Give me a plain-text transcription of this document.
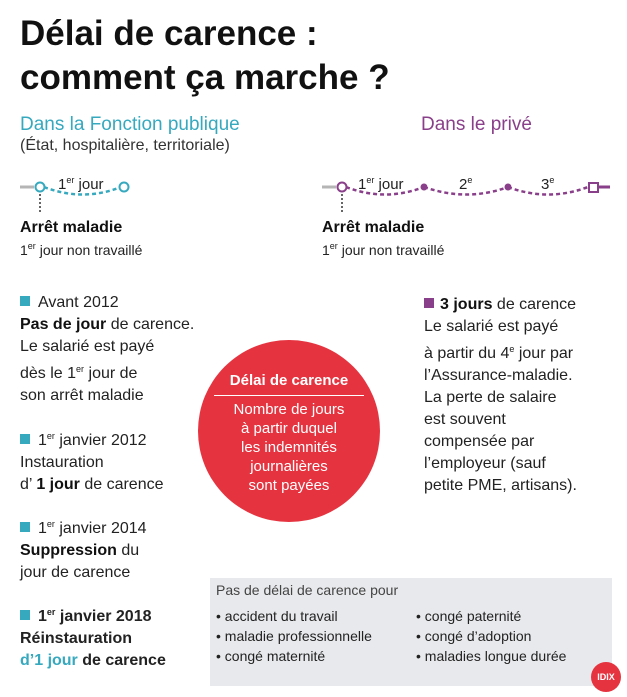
Délai de carence :
comment ça marche ?
Dans la Fonction publique
(État, hospitalière, territoriale)
Dans le privé
1er jour	1er jour	2e	3e
Arrêt maladie
1er jour non travaillé
Arrêt maladie
1er jour non travaillé
Avant 2012
Pas de jour de carence.
Le salarié est payé
dès le 1er jour de
son arrêt maladie
1er janvier 2012
Instauration
d’ 1 jour de carence
1er janvier 2014
Suppression du
jour de carence
1er janvier 2018
Réinstauration
d’1 jour de carence
3 jours de carence
Le salarié est payé
à partir du 4e jour par
l’Assurance-maladie.
La perte de salaire
est souvent
compensée par
l’employeur (sauf
petite PME, artisans).
Délai de carence
Nombre de jours
à partir duquel
les indemnités
journalières
sont payées
Pas de délai de carence pour
• accident du travail
• maladie professionnelle
• congé maternité
• congé paternité
• congé d’adoption
• maladies longue durée
IDIX
